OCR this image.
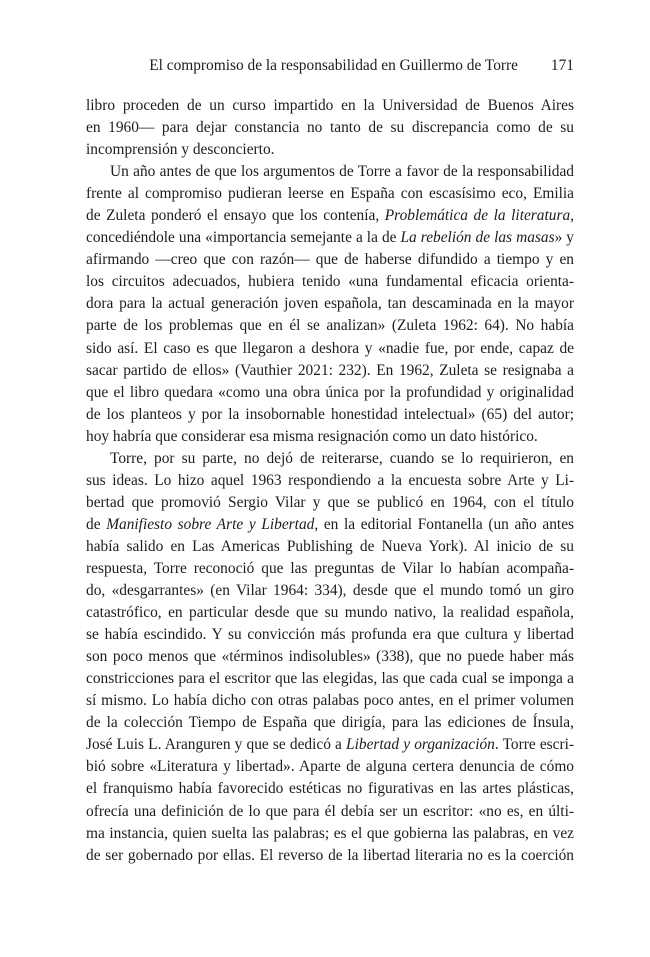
El compromiso de la responsabilidad en Guillermo de Torre 171
libro proceden de un curso impartido en la Universidad de Buenos Aires
en 1960— para dejar constancia no tanto de su discrepancia como de su
incomprensión y desconcierto.
Un año antes de que los argumentos de Torre a favor de la responsabilidad
frente al compromiso pudieran leerse en España con escasísimo eco, Emilia
de Zuleta ponderó el ensayo que los contenía, Problemática de la literatura,
concediéndole una «importancia semejante a la de La rebelión de las masas» y
afirmando —creo que con razón— que de haberse difundido a tiempo y en
los circuitos adecuados, hubiera tenido «una fundamental eficacia orienta-
dora para la actual generación joven española, tan descaminada en la mayor
parte de los problemas que en él se analizan» (Zuleta 1962: 64). No había
sido así. El caso es que llegaron a deshora y «nadie fue, por ende, capaz de
sacar partido de ellos» (Vauthier 2021: 232). En 1962, Zuleta se resignaba a
que el libro quedara «como una obra única por la profundidad y originalidad
de los planteos y por la insobornable honestidad intelectual» (65) del autor;
hoy habría que considerar esa misma resignación como un dato histórico.
Torre, por su parte, no dejó de reiterarse, cuando se lo requirieron, en
sus ideas. Lo hizo aquel 1963 respondiendo a la encuesta sobre Arte y Li-
bertad que promovió Sergio Vilar y que se publicó en 1964, con el título
de Manifiesto sobre Arte y Libertad, en la editorial Fontanella (un año antes
había salido en Las Americas Publishing de Nueva York). Al inicio de su
respuesta, Torre reconoció que las preguntas de Vilar lo habían acompaña-
do, «desgarrantes» (en Vilar 1964: 334), desde que el mundo tomó un giro
catastrófico, en particular desde que su mundo nativo, la realidad española,
se había escindido. Y su convicción más profunda era que cultura y libertad
son poco menos que «términos indisolubles» (338), que no puede haber más
constricciones para el escritor que las elegidas, las que cada cual se imponga a
sí mismo. Lo había dicho con otras palabas poco antes, en el primer volumen
de la colección Tiempo de España que dirigía, para las ediciones de Ínsula,
José Luis L. Aranguren y que se dedicó a Libertad y organización. Torre escri-
bió sobre «Literatura y libertad». Aparte de alguna certera denuncia de cómo
el franquismo había favorecido estéticas no figurativas en las artes plásticas,
ofrecía una definición de lo que para él debía ser un escritor: «no es, en últi-
ma instancia, quien suelta las palabras; es el que gobierna las palabras, en vez
de ser gobernado por ellas. El reverso de la libertad literaria no es la coerción
